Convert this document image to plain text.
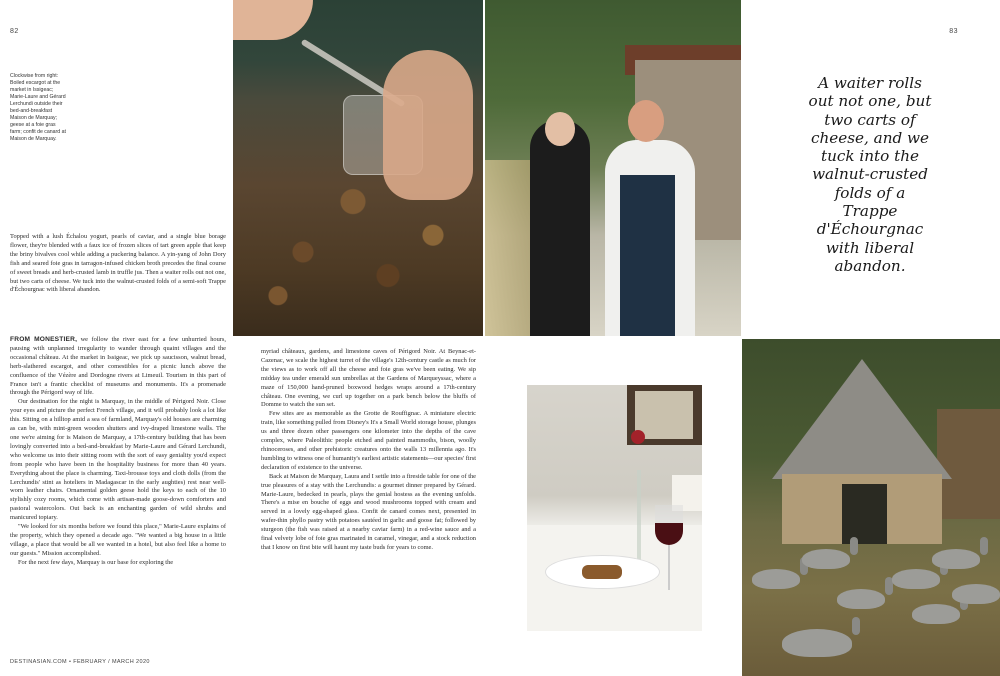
82	83
Clockwise from right: Boiled escargot at the market in Issigeac; Marie-Laure and Gérard Lerchundi outside their bed-and-breakfast Maison de Marquay; geese at a foie gras farm; confit de canard at Maison de Marquay.
A waiter rolls out not one, but two carts of cheese, and we tuck into the walnut-crusted folds of a Trappe d'Échourgnac with liberal abandon.

Topped with a lush Échalou yogurt, pearls of caviar, and a single blue borage flower, they're blended with a faux ice of frozen slices of tart green apple that keep the briny bivalves cool while adding a puckering balance. A yin-yang of John Dory fish and seared foie gras in tarragon-infused chicken broth precedes the final course of sweet breads and herb-crusted lamb in truffle jus. Then a waiter rolls out not one, but two carts of cheese. We tuck into the walnut-crusted folds of a semi-soft Trappe d'Échourgnac with liberal abandon.

FROM MONESTIER, we follow the river east for a few unhurried hours, pausing with unplanned irregularity to wander through quaint villages and the occasional château. At the market in Issigeac, we pick up saucisson, walnut bread, herb-slathered escargot, and other comestibles for a picnic lunch above the confluence of the Vézère and Dordogne rivers at Limeuil. Tourism in this part of France isn't a frantic checklist of museums and monuments. It's a promenade through the Périgord way of life.

Our destination for the night is Marquay, in the middle of Périgord Noir. Close your eyes and picture the perfect French village, and it will probably look a lot like this. Sitting on a hilltop amid a sea of farmland, Marquay's old houses are charming as can be, with mint-green wooden shutters and ivy-draped limestone walls. The one we're aiming for is Maison de Marquay, a 17th-century building that has been lovingly converted into a bed-and-breakfast by Marie-Laure and Gérard Lerchundi, who welcome us into their sitting room with the sort of easy geniality you'd expect from people who have been in the hospitality business for more than 40 years. Everything about the place is charming. Taxi-brousse toys and cloth dolls (from the Lerchundis' stint as hoteliers in Madagascar in the early aughties) rest near well-worn leather chairs. Ornamental golden geese hold the keys to each of the 10 stylishly cozy rooms, which come with artisan-made goose-down comforters and pastoral watercolors. Out back is an enchanting garden of wild shrubs and manicured topiary.

"We looked for six months before we found this place," Marie-Laure explains of the property, which they opened a decade ago. "We wanted a big house in a little village, a place that would be all we wanted in a hotel, but also feel like a home to our guests." Mission accomplished.

For the next few days, Marquay is our base for exploring the

myriad châteaux, gardens, and limestone caves of Périgord Noir. At Beynac-et-Cazenac, we scale the highest turret of the village's 12th-century castle as much for the views as to work off all the cheese and foie gras we've been eating. We sip midday tea under emerald sun umbrellas at the Gardens of Marqueyssac, where a maze of 150,000 hand-pruned boxwood hedges wraps around a 17th-century château. One evening, we curl up together on a park bench below the bluffs of Domme to watch the sun set.

Few sites are as memorable as the Grotte de Rouffignac. A miniature electric train, like something pulled from Disney's It's a Small World storage house, plunges us and three dozen other passengers one kilometer into the depths of the cave complex, where Paleolithic people etched and painted mammoths, bison, woolly rhinoceroses, and other prehistoric creatures onto the walls 13 millennia ago. It's humbling to witness one of humanity's earliest artistic statements—our species' first declaration of existence to the universe.

Back at Maison de Marquay, Laura and I settle into a fireside table for one of the true pleasures of a stay with the Lerchundis: a gourmet dinner prepared by Gérard. Marie-Laure, bedecked in pearls, plays the genial hostess as the evening unfolds. There's a mise en bouche of eggs and wood mushrooms topped with cream and served in a lovely egg-shaped glass. Confit de canard comes next, presented in wafer-thin phyllo pastry with potatoes sautéed in garlic and goose fat; followed by sturgeon (the fish was raised at a nearby caviar farm) in a red-wine sauce and a final velvety lobe of foie gras marinated in caramel, vinegar, and a stock reduction that I know on first bite will haunt my taste buds for years to come.

DESTINASIAN.COM • FEBRUARY / MARCH 2020
